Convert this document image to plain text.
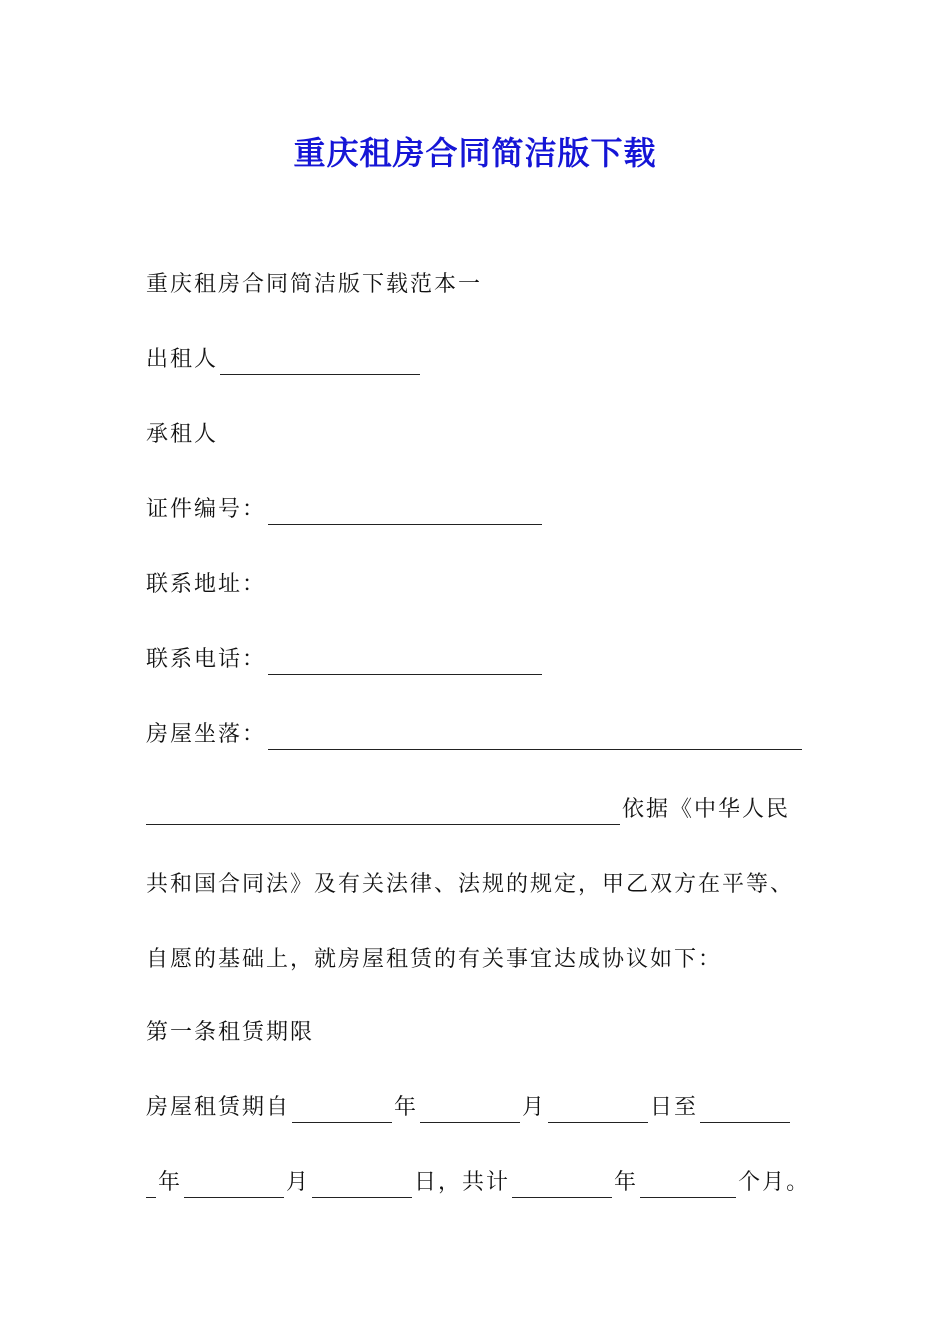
重庆租房合同简洁版下载
重庆租房合同简洁版下载范本一
出租人
承租人
证件编号：
联系地址：
联系电话：
房屋坐落：
依据《中华人民
共和国合同法》及有关法律、法规的规定，甲乙双方在平等、
自愿的基础上，就房屋租赁的有关事宜达成协议如下：
第一条租赁期限
房屋租赁期自	年	月	日至
年	月	日，共计	年	个月。
